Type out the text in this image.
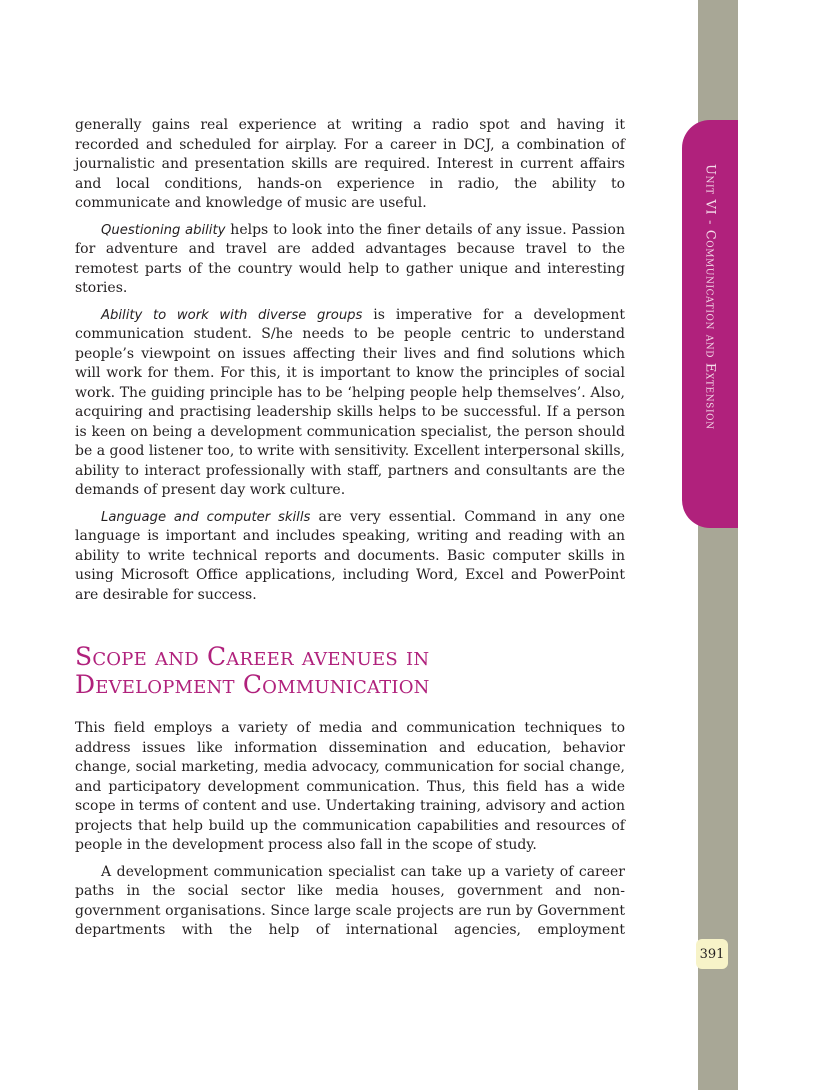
Unit VI - Communication and Extension
391

generally gains real experience at writing a radio spot and having it recorded and scheduled for airplay. For a career in DCJ, a combination of journalistic and presentation skills are required. Interest in current affairs and local conditions, hands-on experience in radio, the ability to communicate and knowledge of music are useful.

Questioning ability helps to look into the finer details of any issue. Passion for adventure and travel are added advantages because travel to the remotest parts of the country would help to gather unique and interesting stories.

Ability to work with diverse groups is imperative for a development communication student. S/he needs to be people centric to understand people’s viewpoint on issues affecting their lives and find solutions which will work for them. For this, it is important to know the principles of social work. The guiding principle has to be ‘helping people help themselves’. Also, acquiring and practising leadership skills helps to be successful. If a person is keen on being a development communication specialist, the person should be a good listener too, to write with sensitivity. Excellent interpersonal skills, ability to interact professionally with staff, partners and consultants are the demands of present day work culture.

Language and computer skills are very essential. Command in any one language is important and includes speaking, writing and reading with an ability to write technical reports and documents. Basic computer skills in using Microsoft Office applications, including Word, Excel and PowerPoint are desirable for success.

Scope and Career avenues in
Development Communication

This field employs a variety of media and communication techniques to address issues like information dissemination and education, behavior change, social marketing, media advocacy, communication for social change, and participatory development communication. Thus, this field has a wide scope in terms of content and use. Undertaking training, advisory and action projects that help build up the communication capabilities and resources of people in the development process also fall in the scope of study.

A development communication specialist can take up a variety of career paths in the social sector like media houses, government and non-government organisations. Since large scale projects are run by Government departments with the help of international agencies, employment
